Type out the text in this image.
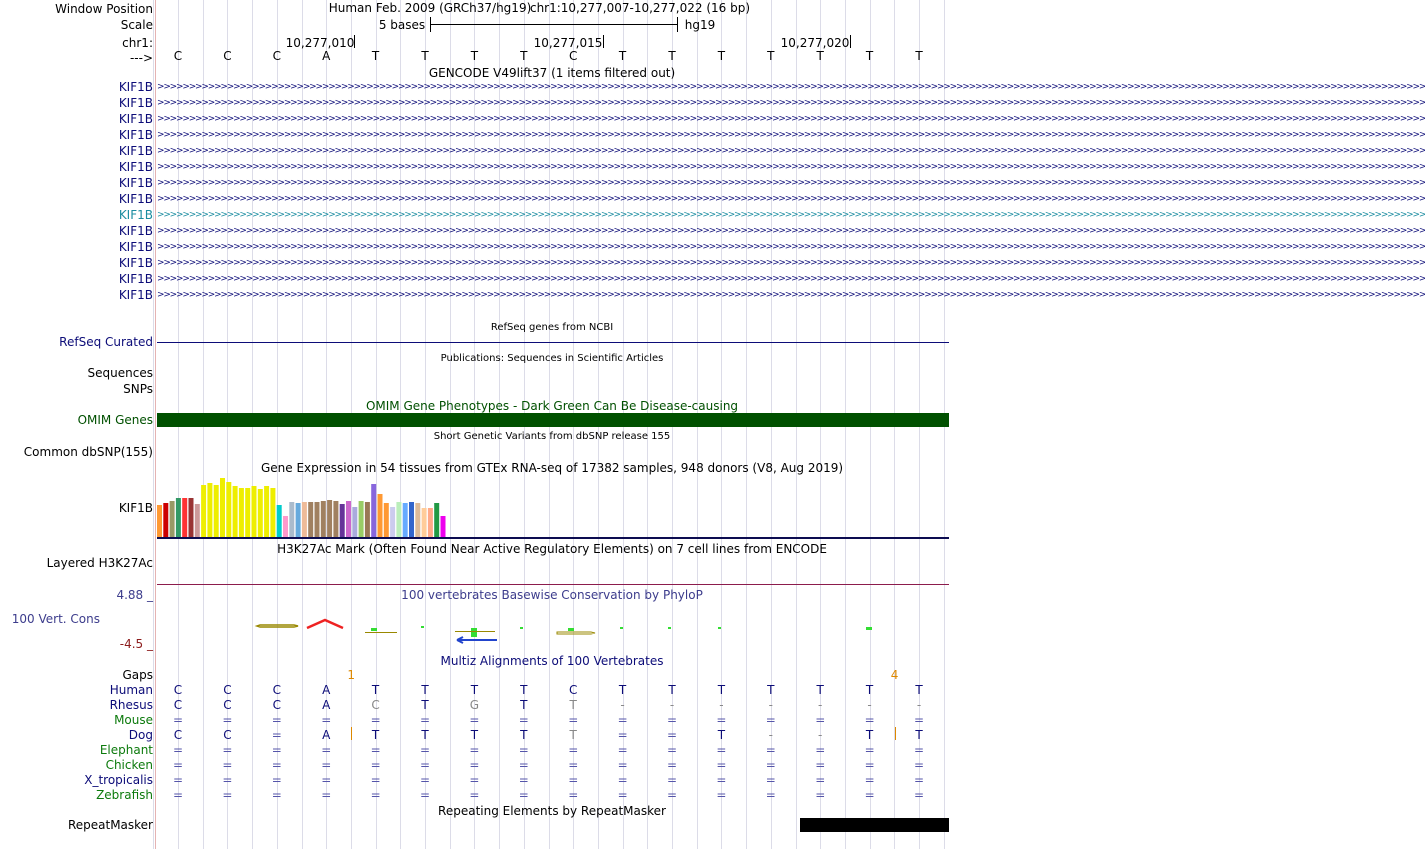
Window Position
Scale
chr1:
--->
KIF1B
KIF1B
KIF1B
KIF1B
KIF1B
KIF1B
KIF1B
KIF1B
KIF1B
KIF1B
KIF1B
KIF1B
KIF1B
KIF1B
RefSeq Curated
Sequences
SNPs
OMIM Genes
Common dbSNP(155)
KIF1B
Layered H3K27Ac
4.88 _
100 Vert. Cons
-4.5 _
Gaps
Human
Rhesus
Mouse
Dog
Elephant
Chicken
X_tropicalis
Zebrafish
RepeatMasker
Human Feb. 2009 (GRCh37/hg19)
chr1:10,277,007-10,277,022 (16 bp)
5 bases	hg19
10,277,010	10,277,015	10,277,020
C	C	C	A	T	T	T	T	C	T	T	T	T	T	T	T
GENCODE V49lift37 (1 items filtered out)
>>>>>>>>>>>>>>>>>>>>>>>>>>>>>>>>>>>>>>>>>>>>>>>>>>>>>>>>>>>>>>>>>>>>>>>>>>>>>>>>>>>>>>>>>>>>>>>>>>>>>>>>>>>>>>>>>>>>>>>>>>>>>>>>>>>>>>>>>>>>>>>>>>>>>>>>>>>>>>>>>>>>>>>>>>>>>>>>>>>>>>>>>>>>>>>>>>>>>>>>
>>>>>>>>>>>>>>>>>>>>>>>>>>>>>>>>>>>>>>>>>>>>>>>>>>>>>>>>>>>>>>>>>>>>>>>>>>>>>>>>>>>>>>>>>>>>>>>>>>>>>>>>>>>>>>>>>>>>>>>>>>>>>>>>>>>>>>>>>>>>>>>>>>>>>>>>>>>>>>>>>>>>>>>>>>>>>>>>>>>>>>>>>>>>>>>>>>>>>>>>
>>>>>>>>>>>>>>>>>>>>>>>>>>>>>>>>>>>>>>>>>>>>>>>>>>>>>>>>>>>>>>>>>>>>>>>>>>>>>>>>>>>>>>>>>>>>>>>>>>>>>>>>>>>>>>>>>>>>>>>>>>>>>>>>>>>>>>>>>>>>>>>>>>>>>>>>>>>>>>>>>>>>>>>>>>>>>>>>>>>>>>>>>>>>>>>>>>>>>>>>
>>>>>>>>>>>>>>>>>>>>>>>>>>>>>>>>>>>>>>>>>>>>>>>>>>>>>>>>>>>>>>>>>>>>>>>>>>>>>>>>>>>>>>>>>>>>>>>>>>>>>>>>>>>>>>>>>>>>>>>>>>>>>>>>>>>>>>>>>>>>>>>>>>>>>>>>>>>>>>>>>>>>>>>>>>>>>>>>>>>>>>>>>>>>>>>>>>>>>>>>
>>>>>>>>>>>>>>>>>>>>>>>>>>>>>>>>>>>>>>>>>>>>>>>>>>>>>>>>>>>>>>>>>>>>>>>>>>>>>>>>>>>>>>>>>>>>>>>>>>>>>>>>>>>>>>>>>>>>>>>>>>>>>>>>>>>>>>>>>>>>>>>>>>>>>>>>>>>>>>>>>>>>>>>>>>>>>>>>>>>>>>>>>>>>>>>>>>>>>>>>
>>>>>>>>>>>>>>>>>>>>>>>>>>>>>>>>>>>>>>>>>>>>>>>>>>>>>>>>>>>>>>>>>>>>>>>>>>>>>>>>>>>>>>>>>>>>>>>>>>>>>>>>>>>>>>>>>>>>>>>>>>>>>>>>>>>>>>>>>>>>>>>>>>>>>>>>>>>>>>>>>>>>>>>>>>>>>>>>>>>>>>>>>>>>>>>>>>>>>>>>
>>>>>>>>>>>>>>>>>>>>>>>>>>>>>>>>>>>>>>>>>>>>>>>>>>>>>>>>>>>>>>>>>>>>>>>>>>>>>>>>>>>>>>>>>>>>>>>>>>>>>>>>>>>>>>>>>>>>>>>>>>>>>>>>>>>>>>>>>>>>>>>>>>>>>>>>>>>>>>>>>>>>>>>>>>>>>>>>>>>>>>>>>>>>>>>>>>>>>>>>
>>>>>>>>>>>>>>>>>>>>>>>>>>>>>>>>>>>>>>>>>>>>>>>>>>>>>>>>>>>>>>>>>>>>>>>>>>>>>>>>>>>>>>>>>>>>>>>>>>>>>>>>>>>>>>>>>>>>>>>>>>>>>>>>>>>>>>>>>>>>>>>>>>>>>>>>>>>>>>>>>>>>>>>>>>>>>>>>>>>>>>>>>>>>>>>>>>>>>>>>
>>>>>>>>>>>>>>>>>>>>>>>>>>>>>>>>>>>>>>>>>>>>>>>>>>>>>>>>>>>>>>>>>>>>>>>>>>>>>>>>>>>>>>>>>>>>>>>>>>>>>>>>>>>>>>>>>>>>>>>>>>>>>>>>>>>>>>>>>>>>>>>>>>>>>>>>>>>>>>>>>>>>>>>>>>>>>>>>>>>>>>>>>>>>>>>>>>>>>>>>
>>>>>>>>>>>>>>>>>>>>>>>>>>>>>>>>>>>>>>>>>>>>>>>>>>>>>>>>>>>>>>>>>>>>>>>>>>>>>>>>>>>>>>>>>>>>>>>>>>>>>>>>>>>>>>>>>>>>>>>>>>>>>>>>>>>>>>>>>>>>>>>>>>>>>>>>>>>>>>>>>>>>>>>>>>>>>>>>>>>>>>>>>>>>>>>>>>>>>>>>
>>>>>>>>>>>>>>>>>>>>>>>>>>>>>>>>>>>>>>>>>>>>>>>>>>>>>>>>>>>>>>>>>>>>>>>>>>>>>>>>>>>>>>>>>>>>>>>>>>>>>>>>>>>>>>>>>>>>>>>>>>>>>>>>>>>>>>>>>>>>>>>>>>>>>>>>>>>>>>>>>>>>>>>>>>>>>>>>>>>>>>>>>>>>>>>>>>>>>>>>
>>>>>>>>>>>>>>>>>>>>>>>>>>>>>>>>>>>>>>>>>>>>>>>>>>>>>>>>>>>>>>>>>>>>>>>>>>>>>>>>>>>>>>>>>>>>>>>>>>>>>>>>>>>>>>>>>>>>>>>>>>>>>>>>>>>>>>>>>>>>>>>>>>>>>>>>>>>>>>>>>>>>>>>>>>>>>>>>>>>>>>>>>>>>>>>>>>>>>>>>
>>>>>>>>>>>>>>>>>>>>>>>>>>>>>>>>>>>>>>>>>>>>>>>>>>>>>>>>>>>>>>>>>>>>>>>>>>>>>>>>>>>>>>>>>>>>>>>>>>>>>>>>>>>>>>>>>>>>>>>>>>>>>>>>>>>>>>>>>>>>>>>>>>>>>>>>>>>>>>>>>>>>>>>>>>>>>>>>>>>>>>>>>>>>>>>>>>>>>>>>
>>>>>>>>>>>>>>>>>>>>>>>>>>>>>>>>>>>>>>>>>>>>>>>>>>>>>>>>>>>>>>>>>>>>>>>>>>>>>>>>>>>>>>>>>>>>>>>>>>>>>>>>>>>>>>>>>>>>>>>>>>>>>>>>>>>>>>>>>>>>>>>>>>>>>>>>>>>>>>>>>>>>>>>>>>>>>>>>>>>>>>>>>>>>>>>>>>>>>>>>
RefSeq genes from NCBI
Publications: Sequences in Scientific Articles
OMIM Gene Phenotypes - Dark Green Can Be Disease-causing
Short Genetic Variants from dbSNP release 155
Gene Expression in 54 tissues from GTEx RNA-seq of 17382 samples, 948 donors (V8, Aug 2019)
H3K27Ac Mark (Often Found Near Active Regulatory Elements) on 7 cell lines from ENCODE
100 vertebrates Basewise Conservation by PhyloP
Multiz Alignments of 100 Vertebrates
1	4
C	C	C	A	T	T	T	T	C	T	T	T	T	T	T	T
C	C	C	A	C	T	G	T	T	-	-	-	-	-	-	-
=	=	=	=	=	=	=	=	=	=	=	=	=	=	=	=
C	C	=	A	T	T	T	T	T	=	=	T	-	-	T	T
=	=	=	=	=	=	=	=	=	=	=	=	=	=	=	=
=	=	=	=	=	=	=	=	=	=	=	=	=	=	=	=
=	=	=	=	=	=	=	=	=	=	=	=	=	=	=	=
=	=	=	=	=	=	=	=	=	=	=	=	=	=	=	=
Repeating Elements by RepeatMasker
